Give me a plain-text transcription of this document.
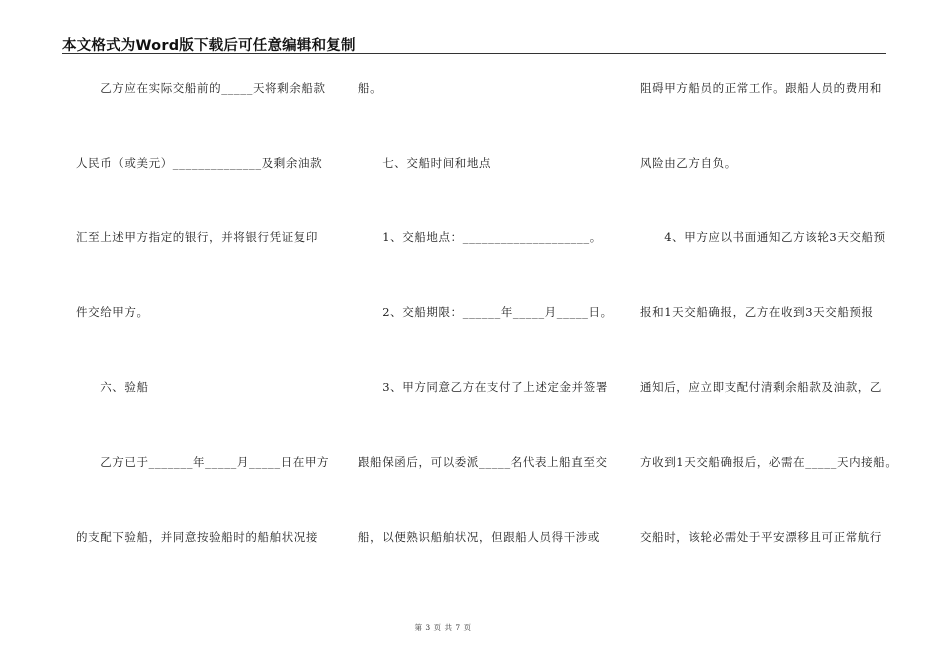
本文格式为Word版下载后可任意编辑和复制
　　乙方应在实际交船前的_____天将剩余船款
人民币（或美元）______________及剩余油款
汇至上述甲方指定的银行，并将银行凭证复印
件交给甲方。
　　六、验船
　　乙方已于_______年_____月_____日在甲方
的支配下验船，并同意按验船时的船舶状况接
船。
　　七、交船时间和地点
　　1、交船地点：____________________。
　　2、交船期限：______年_____月_____日。
　　3、甲方同意乙方在支付了上述定金并签署
跟船保函后，可以委派_____名代表上船直至交
船，以便熟识船舶状况，但跟船人员得干涉或
阻碍甲方船员的正常工作。跟船人员的费用和
风险由乙方自负。
　　4、甲方应以书面通知乙方该轮3天交船预
报和1天交船确报，乙方在收到3天交船预报
通知后，应立即支配付清剩余船款及油款，乙
方收到1天交船确报后，必需在_____天内接船。
交船时，该轮必需处于平安漂移且可正常航行
第 3 页 共 7 页
